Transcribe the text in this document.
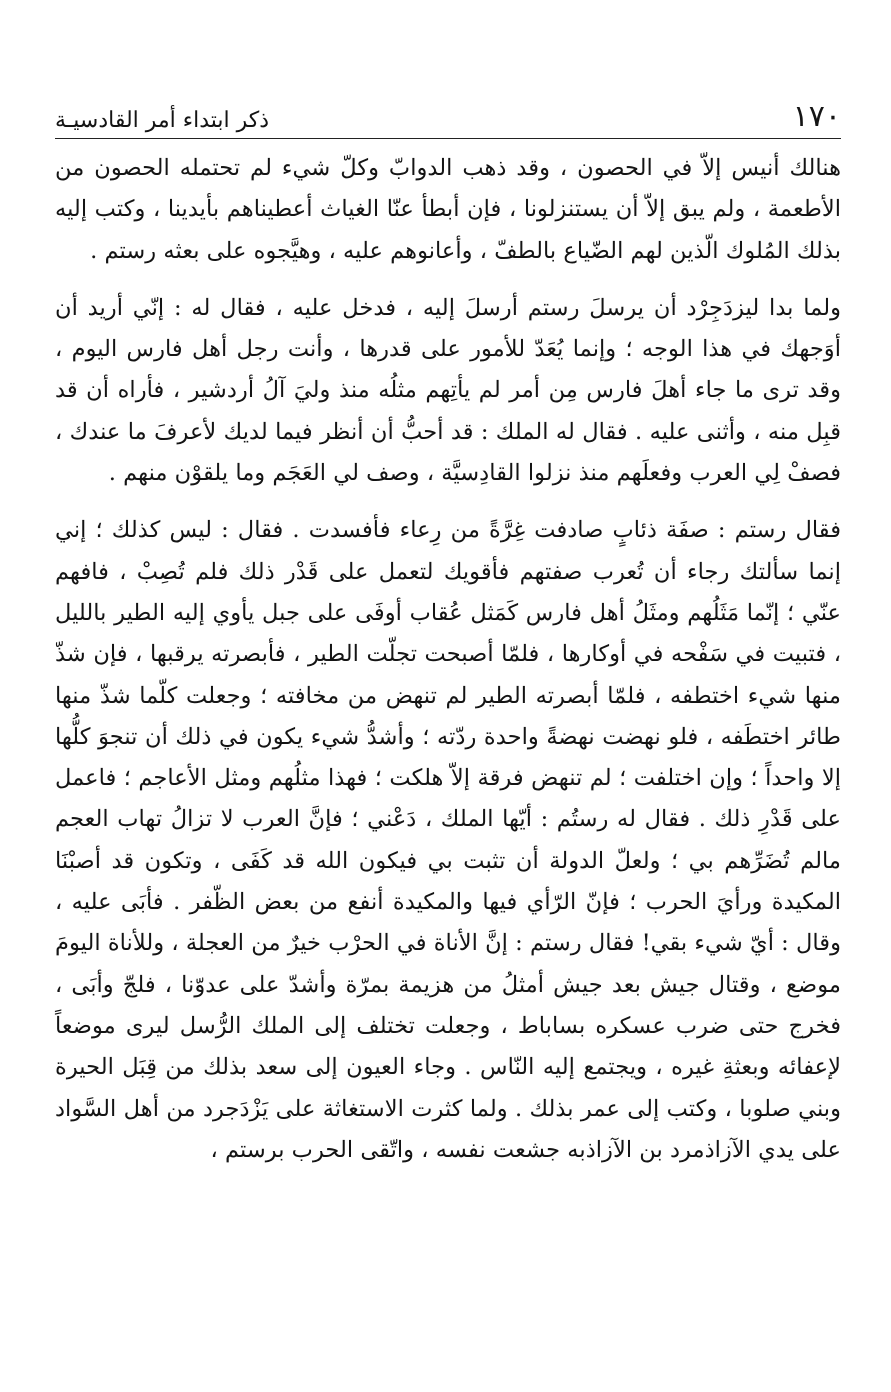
١٧٠
ذكر ابتداء أمر القادسيـة

هنالك أنيس إلاّ في الحصون ، وقد ذهب الدوابّ وكلّ شيء لم تحتمله الحصون من الأطعمة ، ولم يبق إلاّ أن يستنزلونا ، فإن أبطأ عنّا الغياث أعطيناهم بأيدينا ، وكتب إليه بذلك المُلوك الّذين لهم الضّياع بالطفّ ، وأعانوهم عليه ، وهيَّجوه على بعثه رستم .

ولما بدا ليزدَجِرْد أن يرسلَ رستم أرسلَ إليه ، فدخل عليه ، فقال له : إنّي أريد أن أوَجهك في هذا الوجه ؛ وإنما يُعَدّ للأمور على قدرها ، وأنت رجل أهل فارس اليوم ، وقد ترى ما جاء أهلَ فارس مِن أمر لم يأتِهم مثلُه منذ وليَ آلُ أردشير ، فأراه أن قد قبِل منه ، وأثنى عليه . فقال له الملك : قد أحبُّ أن أنظر فيما لديك لأعرفَ ما عندك ، فصفْ لِي العرب وفعلَهم منذ نزلوا القادِسيَّة ، وصف لي العَجَم وما يلقوْن منهم .

فقال رستم : صفَة ذئابٍ صادفت غِرَّةً من رِعاء فأفسدت . فقال : ليس كذلك ؛ إني إنما سألتك رجاء أن تُعرب صفتهم فأقويك لتعمل على قَدْر ذلك فلم تُصِبْ ، فافهم عنّي ؛ إنّما مَثَلُهم ومثَلُ أهل فارس كَمَثل عُقاب أوفَى على جبل يأوي إليه الطير بالليل ، فتبيت في سَفْحه في أوكارها ، فلمّا أصبحت تجلّت الطير ، فأبصرته يرقبها ، فإن شذّ منها شيء اختطفه ، فلمّا أبصرته الطير لم تنهض من مخافته ؛ وجعلت كلّما شذّ منها طائر اختطَفه ، فلو نهضت نهضةً واحدة ردّته ؛ وأشدُّ شيء يكون في ذلك أن تنجوَ كلُّها إلا واحداً ؛ وإن اختلفت ؛ لم تنهض فرقة إلاّ هلكت ؛ فهذا مثلُهم ومثل الأعاجم ؛ فاعمل على قَدْرِ ذلك . فقال له رستُم : أيّها الملك ، دَعْني ؛ فإنَّ العرب لا تزالُ تهاب العجم مالم تُضَرِّهم بي ؛ ولعلّ الدولة أن تثبت بي فيكون الله قد كَفَى ، وتكون قد أصبْنَا المكيدة ورأيَ الحرب ؛ فإنّ الرّأي فيها والمكيدة أنفع من بعض الظّفر . فأبَى عليه ، وقال : أيّ شيء بقي! فقال رستم : إنَّ الأناة في الحرْب خيرٌ من العجلة ، وللأناة اليومَ موضع ، وقتال جيش بعد جيش أمثلُ من هزيمة بمرّة وأشدّ على عدوّنا ، فلجّ وأبَى ، فخرج حتى ضرب عسكره بساباط ، وجعلت تختلف إلى الملك الرُّسل ليرى موضعاً لإعفائه وبعثةِ غيره ، ويجتمع إليه النّاس . وجاء العيون إلى سعد بذلك من قِبَل الحيرة وبني صلوبا ، وكتب إلى عمر بذلك . ولما كثرت الاستغاثة على يَزْدَجرد من أهل السَّواد على يدي الآزاذمرد بن الآزاذبه جشعت نفسه ، واتّقى الحرب برستم ،
